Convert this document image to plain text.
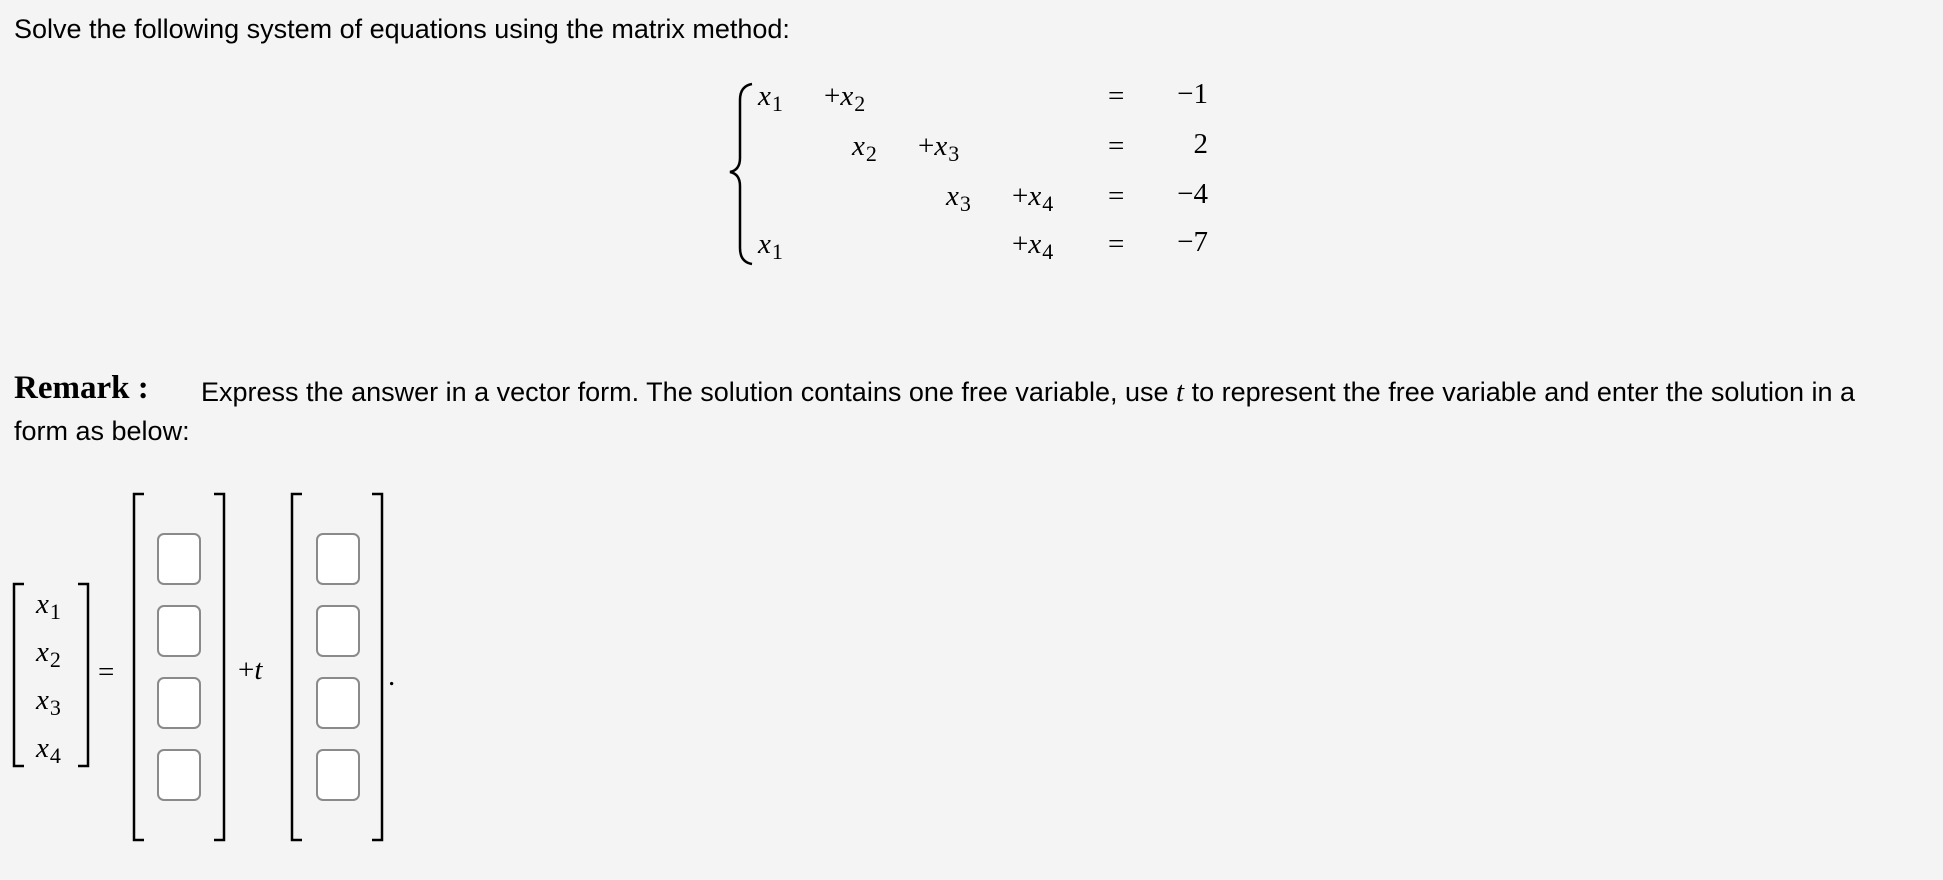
Solve the following system of equations using the matrix method:
$x_1 +x_2$	=	−1
$x_2 +x_3$	=	2
$x_3 +x_4$ =	−4
$x_1$	$+x_4$ =	−7
Remark : Express the answer in a vector form. The solution contains one free variable, use t to represent the free variable and enter the solution in a
form as below:
$x_1$
$x_2$
$x_3$
$x_4$
=	+t	.
